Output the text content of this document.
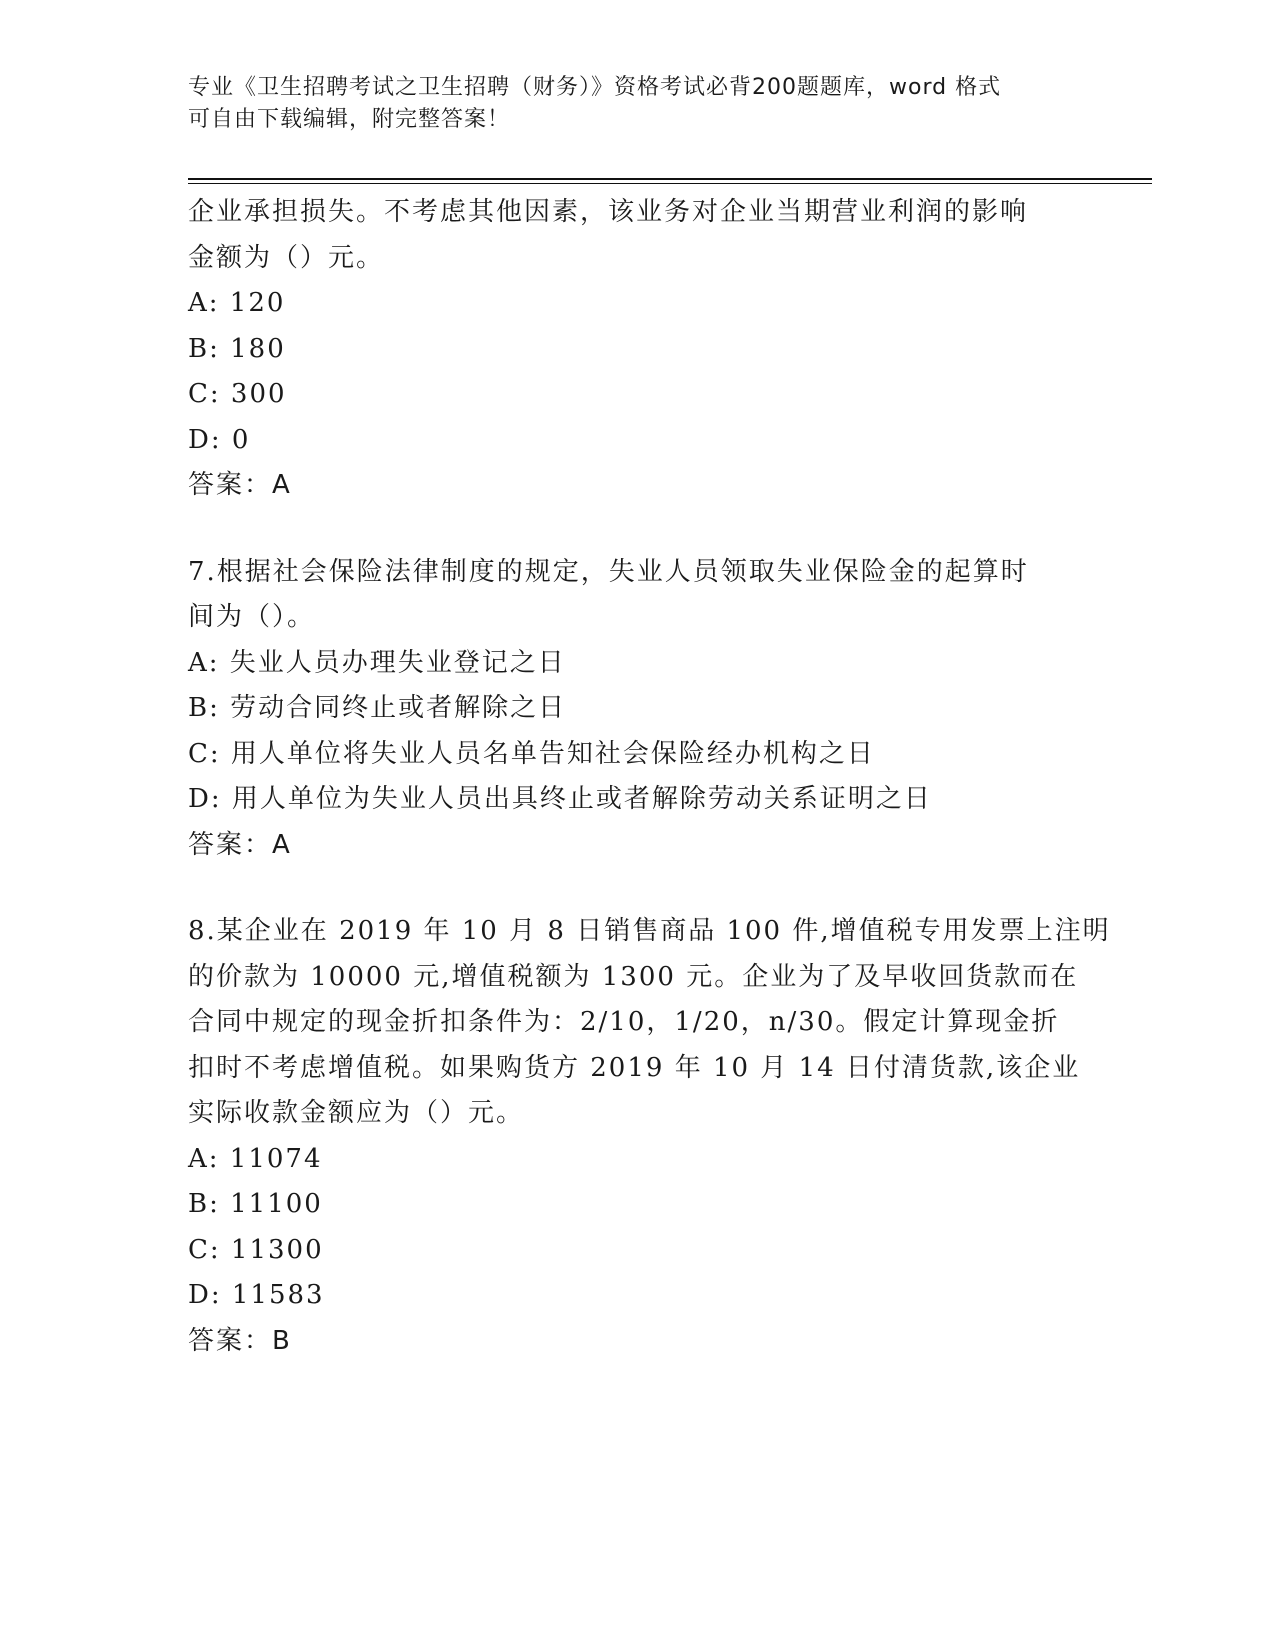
专业《卫生招聘考试之卫生招聘（财务）》资格考试必背200题题库，word 格式
可自由下载编辑，附完整答案！
企业承担损失。不考虑其他因素，该业务对企业当期营业利润的影响
金额为（）元。
A: 120
B: 180
C: 300
D: 0
答案：A
7.根据社会保险法律制度的规定，失业人员领取失业保险金的起算时
间为（）。
A: 失业人员办理失业登记之日
B: 劳动合同终止或者解除之日
C: 用人单位将失业人员名单告知社会保险经办机构之日
D: 用人单位为失业人员出具终止或者解除劳动关系证明之日
答案：A
8.某企业在 2019 年 10 月 8 日销售商品 100 件,增值税专用发票上注明
的价款为 10000 元,增值税额为 1300 元。企业为了及早收回货款而在
合同中规定的现金折扣条件为：2/10，1/20，n/30。假定计算现金折
扣时不考虑增值税。如果购货方 2019 年 10 月 14 日付清货款,该企业
实际收款金额应为（）元。
A: 11074
B: 11100
C: 11300
D: 11583
答案：B
